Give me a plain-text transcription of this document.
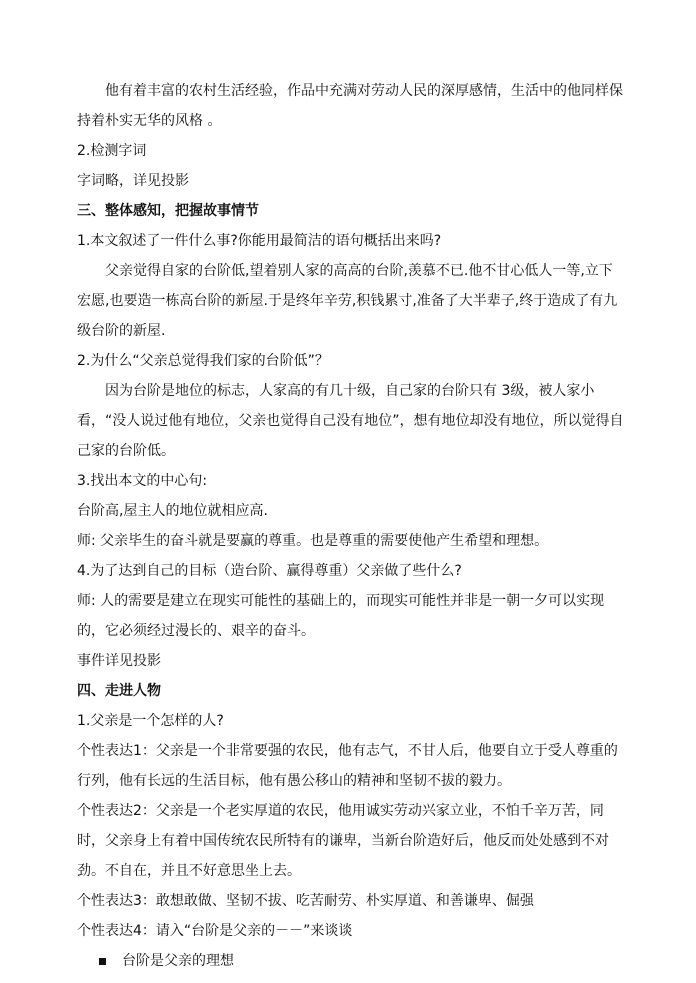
他有着丰富的农村生活经验，作品中充满对劳动人民的深厚感情，生活中的他同样保持着朴实无华的风格 。

2.检测字词

字词略，详见投影

三、整体感知，把握故事情节

1.本文叙述了一件什么事?你能用最简洁的语句概括出来吗?

父亲觉得自家的台阶低,望着别人家的高高的台阶,羡慕不已.他不甘心低人一等,立下宏愿,也要造一栋高台阶的新屋.于是终年辛劳,积钱累寸,准备了大半辈子,终于造成了有九级台阶的新屋.

2.为什么“父亲总觉得我们家的台阶低”？

因为台阶是地位的标志，人家高的有几十级，自己家的台阶只有 3级，被人家小看，“没人说过他有地位，父亲也觉得自己没有地位”，想有地位却没有地位，所以觉得自己家的台阶低。

3.找出本文的中心句:

台阶高,屋主人的地位就相应高.

师: 父亲毕生的奋斗就是要赢的尊重。也是尊重的需要使他产生希望和理想。

4.为了达到自己的目标（造台阶、赢得尊重）父亲做了些什么?

师: 人的需要是建立在现实可能性的基础上的，而现实可能性并非是一朝一夕可以实现的，它必须经过漫长的、艰辛的奋斗。

事件详见投影

四、走进人物

1.父亲是一个怎样的人?

个性表达1：父亲是一个非常要强的农民，他有志气，不甘人后，他要自立于受人尊重的行列，他有长远的生活目标，他有愚公移山的精神和坚韧不拔的毅力。

个性表达2：父亲是一个老实厚道的农民，他用诚实劳动兴家立业，不怕千辛万苦，同时，父亲身上有着中国传统农民所特有的谦卑，当新台阶造好后，他反而处处感到不对劲。不自在，并且不好意思坐上去。

个性表达3：敢想敢做、坚韧不拔、吃苦耐劳、朴实厚道、和善谦卑、倔强

个性表达4：请入“台阶是父亲的－－”来谈谈

台阶是父亲的理想
